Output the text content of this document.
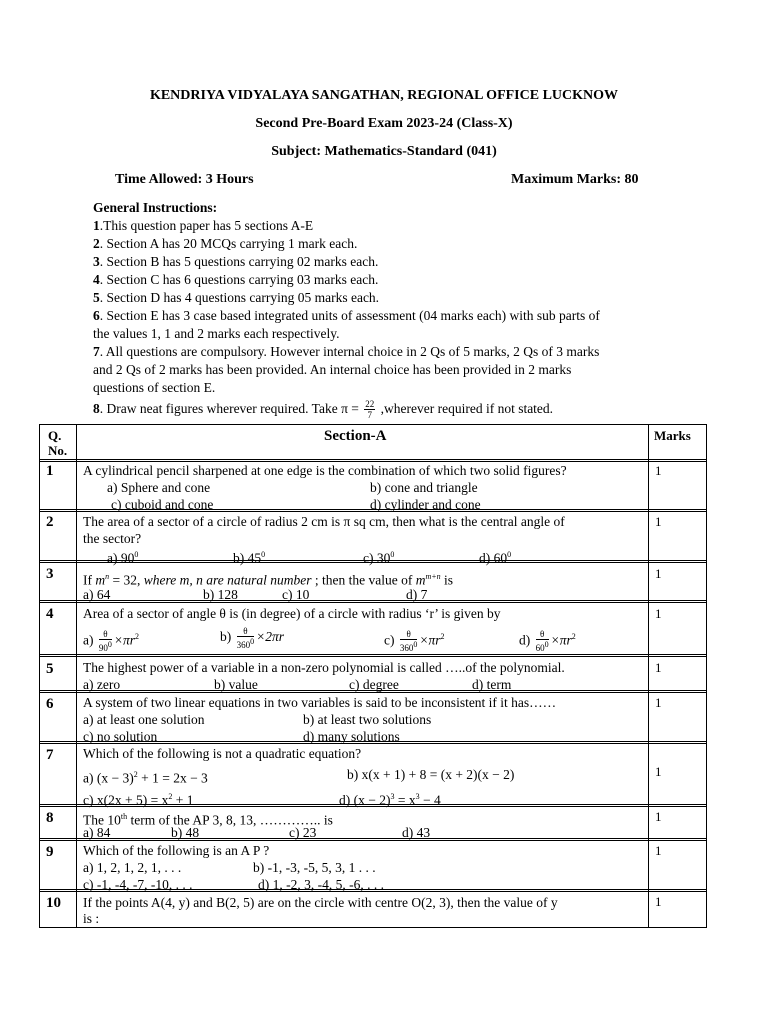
KENDRIYA VIDYALAYA SANGATHAN, REGIONAL OFFICE LUCKNOW
Second Pre-Board Exam 2023-24 (Class-X)
Subject: Mathematics-Standard (041)
Time Allowed: 3 Hours	Maximum Marks: 80
General Instructions:
1.This question paper has 5 sections A-E
2. Section A has 20 MCQs carrying 1 mark each.
3. Section B has 5 questions carrying 02 marks each.
4. Section C has 6 questions carrying 03 marks each.
5. Section D has 4 questions carrying 05 marks each.
6. Section E has 3 case based integrated units of assessment (04 marks each) with sub parts of
the values 1, 1 and 2 marks each respectively.
7. All questions are compulsory. However internal choice in 2 Qs of 5 marks, 2 Qs of 3 marks
and 2 Qs of 2 marks has been provided. An internal choice has been provided in 2 marks
questions of section E.
8. Draw neat figures wherever required. Take $\pi = \frac{22}{7}$ ,wherever required if not stated.
Q.
No.
Section-A	Marks
1	A cylindrical pencil sharpened at one edge is the combination of which two solid figures?
a) Sphere and cone	b) cone and triangle
c) cuboid and cone	d) cylinder and cone
1
2	The area of a sector of a circle of radius 2 cm is π sq cm, then what is the central angle of
the sector?
a) $90^0$	b) $45^0$	c) $30^0$	d) $60^0$
1
3	If $m^n = 32$, where m, n are natural number ; then the value of $m^{m+n}$ is
a) 64	b) 128	c) 10	d) 7
1
4	Area of a sector of angle θ is (in degree) of a circle with radius ‘r’ is given by
$a) \frac{\theta}{90^0} \times\pi r^2$	$b) \frac{\theta}{360^0} \times 2\pi r$	$c) \frac{\theta}{360^0} \times\pi r^2$	$d) \frac{\theta}{60^0} \times\pi r^2$
1
5	The highest power of a variable in a non-zero polynomial is called …..of the polynomial.
a) zero	b) value	c) degree	d) term
1
6	A system of two linear equations in two variables is said to be inconsistent if it has……
a) at least one solution	b) at least two solutions
c) no solution	d) many solutions
1
7	Which of the following is not a quadratic equation?
a) $(x - 3)^2 + 1 = 2x - 3$	b) x(x + 1) + 8 = (x + 2)(x − 2)
c) $x(2x + 5) = x^2 + 1$	d) $(x - 2)^3 = x^3 - 4$
1
8	The 10th term of the AP 3, 8, 13, ………….. is
a) 84	b) 48	c) 23	d) 43
1
9	Which of the following is an A P ?
a) 1, 2, 1, 2, 1, . . .	b) -1, -3, -5, 5, 3, 1 . . .
c) -1, -4, -7, -10, . . .	d) 1, -2, 3, -4, 5, -6, . . .
1
10	If the points A(4, y) and B(2, 5) are on the circle with centre O(2, 3), then the value of y
is :
1
